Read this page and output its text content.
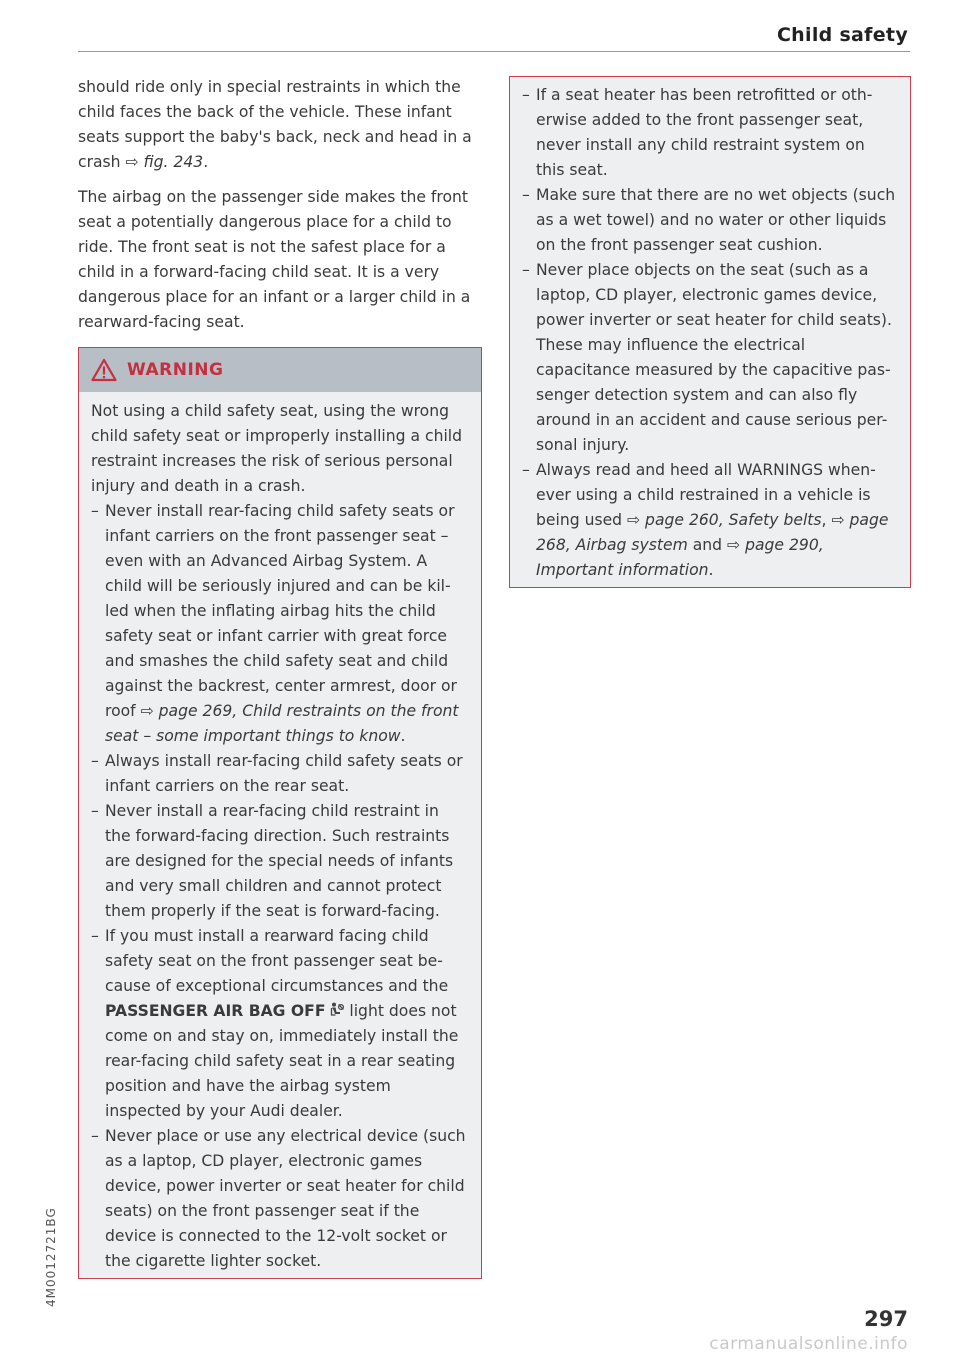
Child safety

should ride only in special restraints in which the child faces the back of the vehicle. These infant seats support the baby's back, neck and head in a crash ⇨ fig. 243.

The airbag on the passenger side makes the front seat a potentially dangerous place for a child to ride. The front seat is not the safest place for a child in a forward-facing child seat. It is a very dangerous place for an infant or a larger child in a rearward-facing seat.

WARNING

Not using a child safety seat, using the wrong child safety seat or improperly installing a child restraint increases the risk of serious personal injury and death in a crash.

– Never install rear-facing child safety seats or infant carriers on the front passenger seat – even with an Advanced Airbag System. A child will be seriously injured and can be kil-led when the inflating airbag hits the child safety seat or infant carrier with great force and smashes the child safety seat and child against the backrest, center armrest, door or roof ⇨ page 269, Child restraints on the front seat – some important things to know.
– Always install rear-facing child safety seats or infant carriers on the rear seat.
– Never install a rear-facing child restraint in the forward-facing direction. Such restraints are designed for the special needs of infants and very small children and cannot protect them properly if the seat is forward-facing.
– If you must install a rearward facing child safety seat on the front passenger seat be-cause of exceptional circumstances and the PASSENGER AIR BAG OFF  light does not come on and stay on, immediately install the rear-facing child safety seat in a rear seating position and have the airbag system inspected by your Audi dealer.
– Never place or use any electrical device (such as a laptop, CD player, electronic games device, power inverter or seat heater for child seats) on the front passenger seat if the device is connected to the 12-volt socket or the cigarette lighter socket.
– If a seat heater has been retrofitted or oth-erwise added to the front passenger seat, never install any child restraint system on this seat.
– Make sure that there are no wet objects (such as a wet towel) and no water or other liquids on the front passenger seat cushion.
– Never place objects on the seat (such as a laptop, CD player, electronic games device, power inverter or seat heater for child seats). These may influence the electrical capacitance measured by the capacitive pas-senger detection system and can also fly around in an accident and cause serious per-sonal injury.
– Always read and heed all WARNINGS when-ever using a child restrained in a vehicle is being used ⇨ page 260, Safety belts, ⇨ page 268, Airbag system and ⇨ page 290, Important information.
4M0012721BG
297
carmanualsonline.info
